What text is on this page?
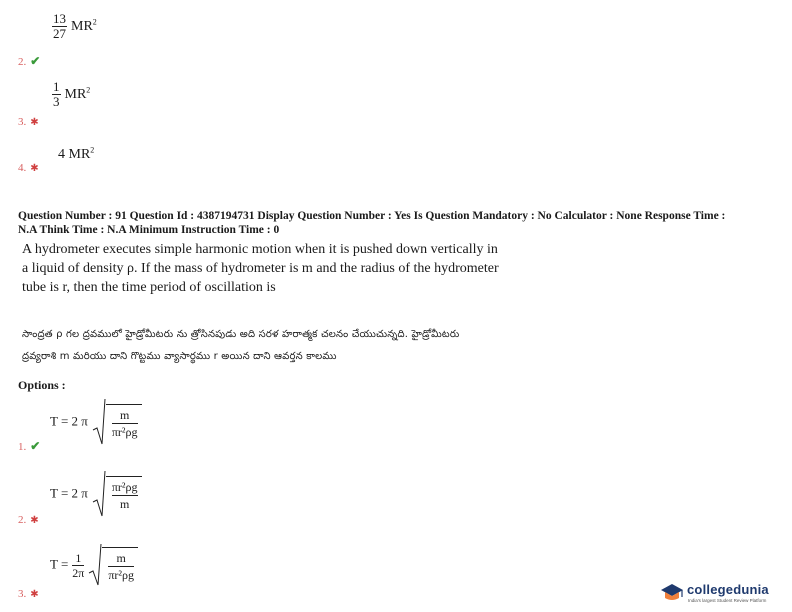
$\frac{13}{27} MR^2$
2. ✔
$\frac{1}{3} MR^2$
3. ✱
4 $MR^2$
4. ✱
Question Number : 91 Question Id : 4387194731 Display Question Number : Yes Is Question Mandatory : No Calculator : None Response Time :
N.A Think Time : N.A Minimum Instruction Time : 0
A hydrometer executes simple harmonic motion when it is pushed down vertically in
a liquid of density ρ. If the mass of hydrometer is m and the radius of the hydrometer
tube is r, then the time period of oscillation is
సాంద్రత ρ గల ద్రవములో హైడ్రోమీటరు ను త్రోసినపుడు అది సరళ హరాత్మక చలనం చేయుచున్నది. హైడ్రోమీటరు
ద్రవ్యరాశి m మరియు దాని గొట్టము వ్యాసార్థము r అయిన దాని ఆవర్తన కాలము
Options :
T = 2 π $\frac{m}{\text{πr²ρg}}$
1. ✔
T = 2 π $\frac{\text{πr²ρg}}{m}$
2. ✱
$T = \frac{1}{2\pi}$
$\frac{m}{\text{πr²ρg}}$
3. ✱	collegedunia
India's largest Student Review Platform
